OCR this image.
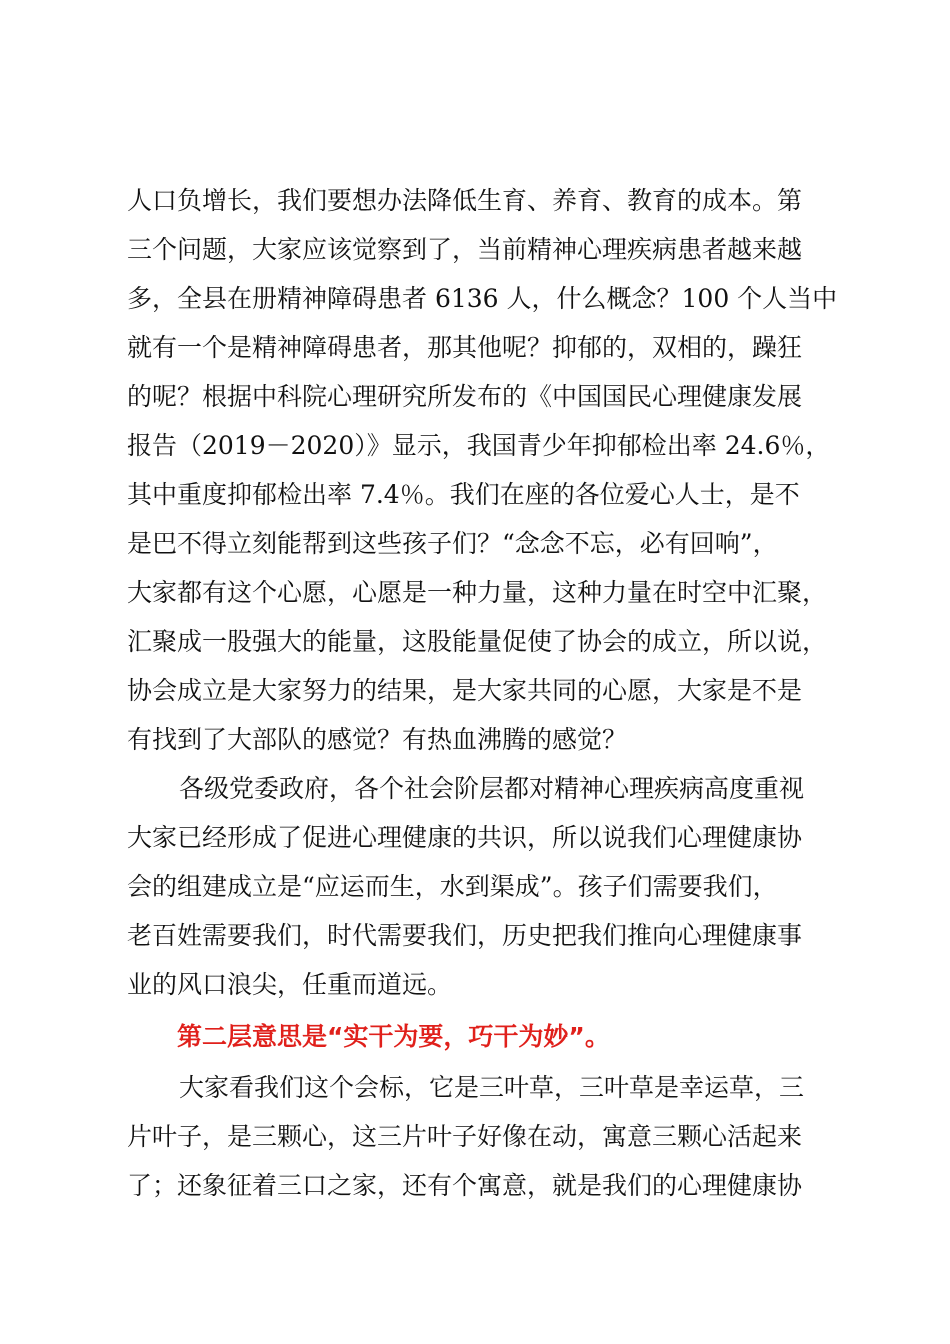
人口负增长，我们要想办法降低生育、养育、教育的成本。第
三个问题，大家应该觉察到了，当前精神心理疾病患者越来越
多，全县在册精神障碍患者 6136 人，什么概念？100 个人当中
就有一个是精神障碍患者，那其他呢？抑郁的，双相的，躁狂
的呢？根据中科院心理研究所发布的《中国国民心理健康发展
报告（2019－2020）》显示，我国青少年抑郁检出率 24.6％，
其中重度抑郁检出率 7.4％。我们在座的各位爱心人士，是不
是巴不得立刻能帮到这些孩子们？“念念不忘，必有回响”，
大家都有这个心愿，心愿是一种力量，这种力量在时空中汇聚，
汇聚成一股强大的能量，这股能量促使了协会的成立，所以说，
协会成立是大家努力的结果，是大家共同的心愿，大家是不是
有找到了大部队的感觉？有热血沸腾的感觉？
各级党委政府，各个社会阶层都对精神心理疾病高度重视
大家已经形成了促进心理健康的共识，所以说我们心理健康协
会的组建成立是“应运而生，水到渠成”。孩子们需要我们，
老百姓需要我们，时代需要我们，历史把我们推向心理健康事
业的风口浪尖，任重而道远。
第二层意思是“实干为要，巧干为妙”。
大家看我们这个会标，它是三叶草，三叶草是幸运草，三
片叶子，是三颗心，这三片叶子好像在动，寓意三颗心活起来
了；还象征着三口之家，还有个寓意，就是我们的心理健康协
